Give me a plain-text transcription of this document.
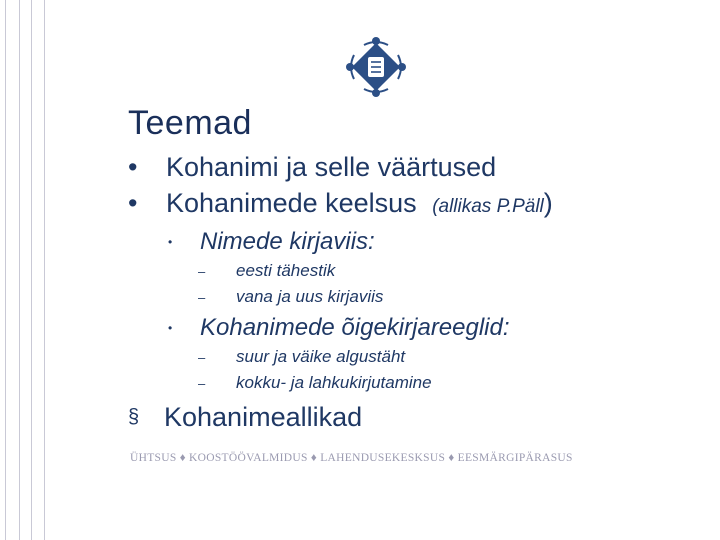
Teemad
• Kohanimi ja selle väärtused
• Kohanimede keelsus (allikas P.Päll)
• Nimede kirjaviis:
– eesti tähestik
– vana ja uus kirjaviis
• Kohanimede õigekirjareeglid:
– suur ja väike algustäht
– kokku- ja lahkukirjutamine
§ Kohanimeallikad
ÜHTSUS ♦ KOOSTÖÖVALMIDUS ♦ LAHENDUSEKESKSUS ♦ EESMÄRGIPÄRASUS
